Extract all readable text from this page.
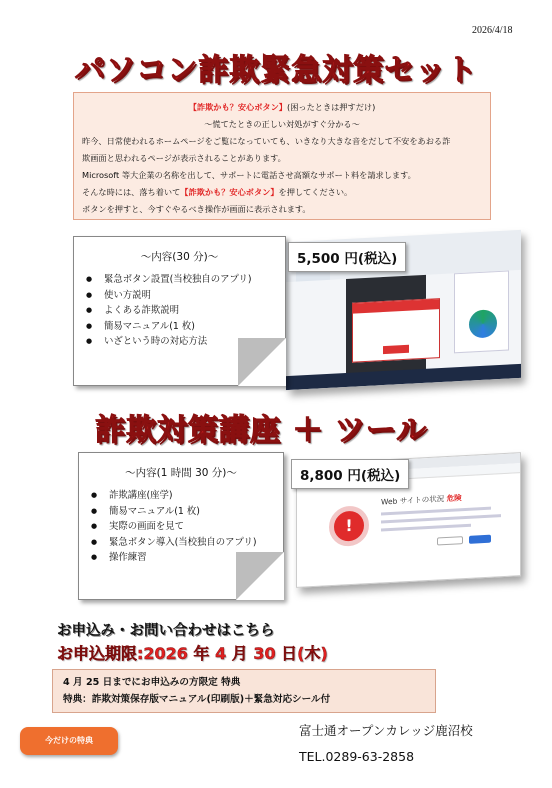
2026/4/18
パソコン詐欺緊急対策セット
【詐欺かも？安心ボタン】(困ったときは押すだけ)
～慌てたときの正しい対処がすぐ分かる～
昨今、日常使われるホームページをご覧になっていても、いきなり大きな音をだして不安をあおる詐
欺画面と思われるページが表示されることがあります。
Microsoft 等大企業の名称を出して、サポートに電話させ高額なサポート料を請求します。
そんな時には、落ち着いて【詐欺かも？安心ボタン】を押してください。
ボタンを押すと、今すぐやるべき操作が画面に表示されます。
～内容(30 分)～
● 緊急ボタン設置(当校独自のアプリ)
● 使い方説明
● よくある詐欺説明
● 簡易マニュアル(1 枚)
● いざという時の対応方法
5,500 円(税込)
詐欺対策講座 ＋ ツール
!
Web サイトの状況 危険
～内容(1 時間 30 分)～
● 詐欺講座(座学)
● 簡易マニュアル(1 枚)
● 実際の画面を見て
● 緊急ボタン導入(当校独自のアプリ)
● 操作練習
8,800 円(税込)
お申込み・お問い合わせはこちら
お申込期限:2026 年 4 月 30 日(木)
4 月 25 日までにお申込みの方限定 特典
特典：詐欺対策保存版マニュアル(印刷版)＋緊急対応シール付
今だけの特典
富士通オープンカレッジ鹿沼校
TEL.0289-63-2858
